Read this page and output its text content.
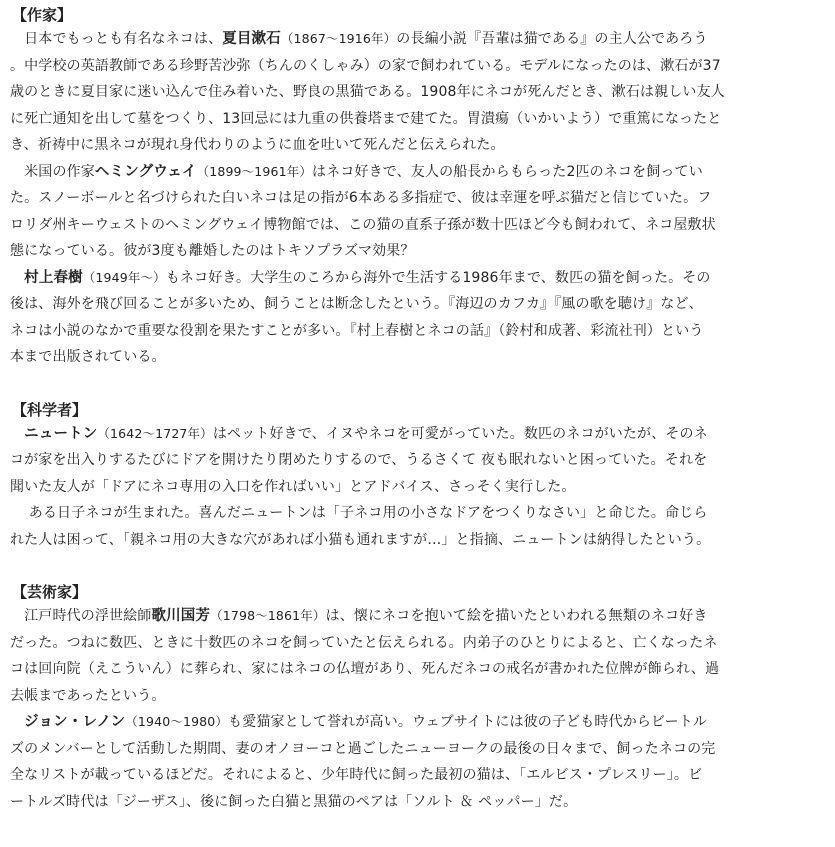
【作家】
　日本でもっとも有名なネコは、夏目漱石（1867〜1916年）の長編小説『吾輩は猫である』の主人公であろう
。中学校の英語教師である珍野苦沙弥（ちんのくしゃみ）の家で飼われている。モデルになったのは、漱石が37
歳のときに夏目家に迷い込んで住み着いた、野良の黒猫である。1908年にネコが死んだとき、漱石は親しい友人
に死亡通知を出して墓をつくり、13回忌には九重の供養塔まで建てた。胃潰瘍（いかいよう）で重篤になったと
き、祈祷中に黒ネコが現れ身代わりのように血を吐いて死んだと伝えられた。
　米国の作家ヘミングウェイ（1899〜1961年）はネコ好きで、友人の船長からもらった2匹のネコを飼ってい
た。スノーボールと名づけられた白いネコは足の指が6本ある多指症で、彼は幸運を呼ぶ猫だと信じていた。フ
ロリダ州キーウェストのヘミングウェイ博物館では、この猫の直系子孫が数十匹ほど今も飼われて、ネコ屋敷状
態になっている。彼が3度も離婚したのはトキソプラズマ効果？
　村上春樹（1949年〜）もネコ好き。大学生のころから海外で生活する1986年まで、数匹の猫を飼った。その
後は、海外を飛び回ることが多いため、飼うことは断念したという。『海辺のカフカ』『風の歌を聴け』など、
ネコは小説のなかで重要な役割を果たすことが多い。『村上春樹とネコの話』（鈴村和成著、彩流社刊）という
本まで出版されている。
【科学者】
　ニュートン（1642〜1727年）はペット好きで、イヌやネコを可愛がっていた。数匹のネコがいたが、そのネ
コが家を出入りするたびにドアを開けたり閉めたりするので、うるさくて 夜も眠れないと困っていた。それを
聞いた友人が「ドアにネコ専用の入口を作ればいい」とアドバイス、さっそく実行した。
　 ある日子ネコが生まれた。喜んだニュートンは「子ネコ用の小さなドアをつくりなさい」と命じた。命じら
れた人は困って、「親ネコ用の大きな穴があれば小猫も通れますが…」と指摘、ニュートンは納得したという。
【芸術家】
　江戸時代の浮世絵師歌川国芳（1798〜1861年）は、懐にネコを抱いて絵を描いたといわれる無類のネコ好き
だった。つねに数匹、ときに十数匹のネコを飼っていたと伝えられる。内弟子のひとりによると、亡くなったネ
コは回向院（えこういん）に葬られ、家にはネコの仏壇があり、死んだネコの戒名が書かれた位牌が飾られ、過
去帳まであったという。
　ジョン・レノン（1940〜1980）も愛猫家として誉れが高い。ウェブサイトには彼の子ども時代からビートル
ズのメンバーとして活動した期間、妻のオノヨーコと過ごしたニューヨークの最後の日々まで、飼ったネコの完
全なリストが載っているほどだ。それによると、少年時代に飼った最初の猫は、「エルビス・プレスリー」。ビ
ートルズ時代は「ジーザス」、後に飼った白猫と黒猫のペアは「ソルト ＆ ペッパー」だ。
